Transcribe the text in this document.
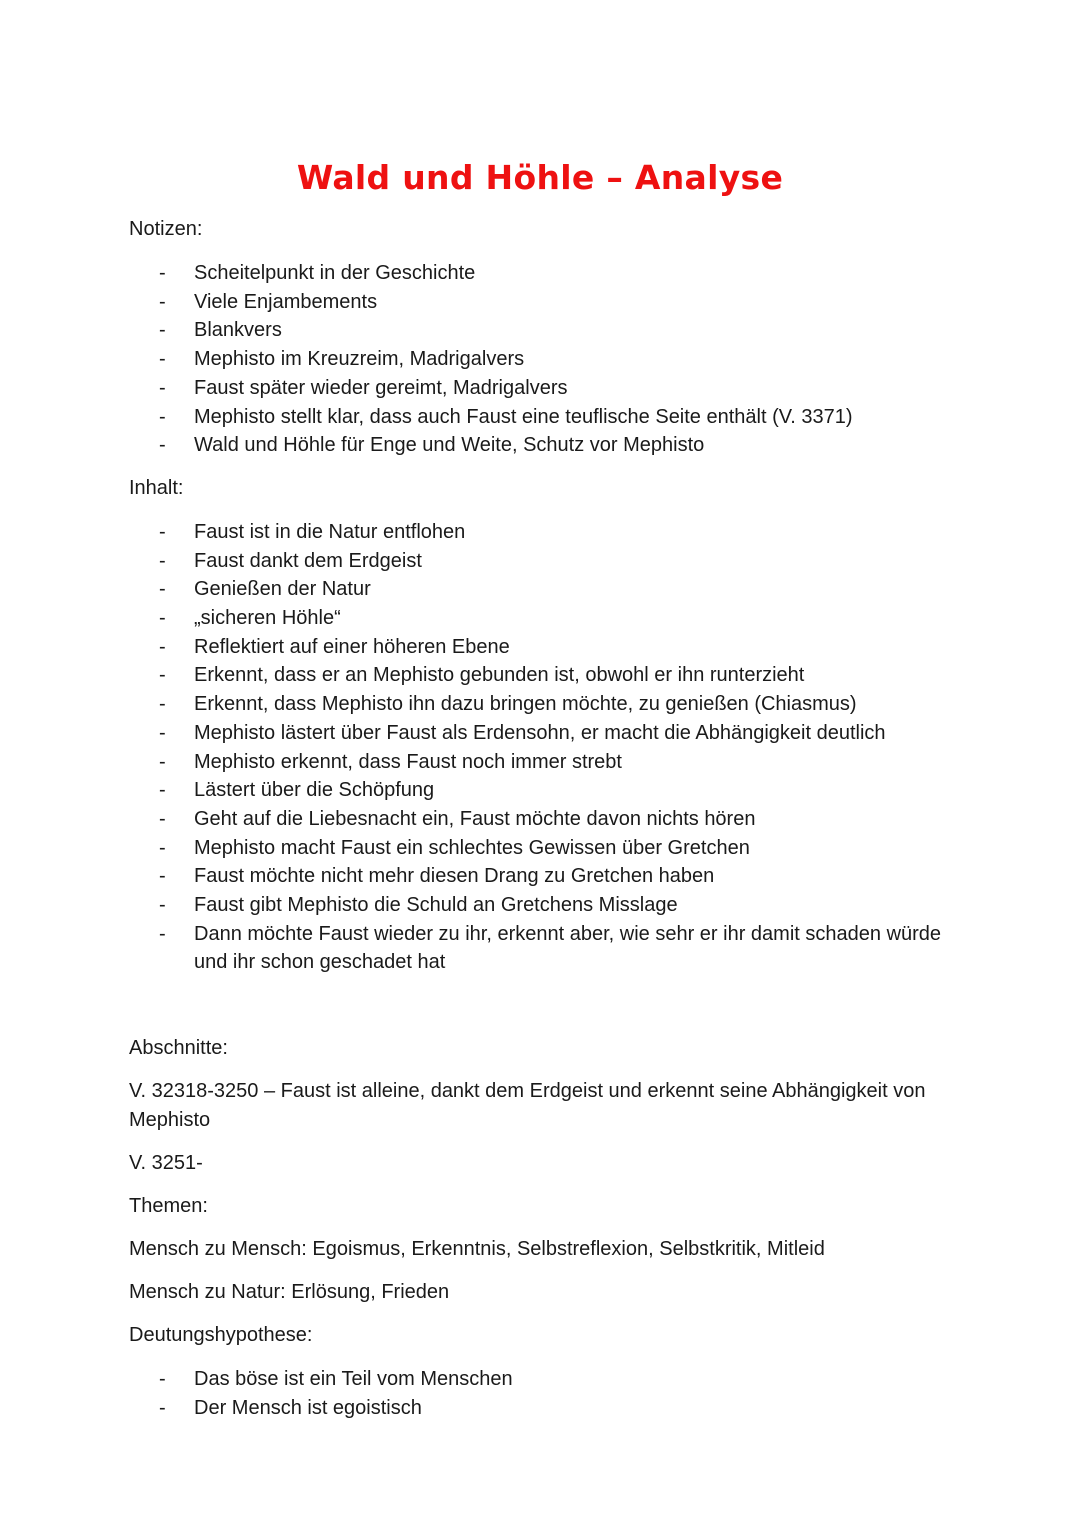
Wald und Höhle – Analyse

Notizen:

- Scheitelpunkt in der Geschichte
- Viele Enjambements
- Blankvers
- Mephisto im Kreuzreim, Madrigalvers
- Faust später wieder gereimt, Madrigalvers
- Mephisto stellt klar, dass auch Faust eine teuflische Seite enthält (V. 3371)
- Wald und Höhle für Enge und Weite, Schutz vor Mephisto

Inhalt:

- Faust ist in die Natur entflohen
- Faust dankt dem Erdgeist
- Genießen der Natur
- „sicheren Höhle“
- Reflektiert auf einer höheren Ebene
- Erkennt, dass er an Mephisto gebunden ist, obwohl er ihn runterzieht
- Erkennt, dass Mephisto ihn dazu bringen möchte, zu genießen (Chiasmus)
- Mephisto lästert über Faust als Erdensohn, er macht die Abhängigkeit deutlich
- Mephisto erkennt, dass Faust noch immer strebt
- Lästert über die Schöpfung
- Geht auf die Liebesnacht ein, Faust möchte davon nichts hören
- Mephisto macht Faust ein schlechtes Gewissen über Gretchen
- Faust möchte nicht mehr diesen Drang zu Gretchen haben
- Faust gibt Mephisto die Schuld an Gretchens Misslage
- Dann möchte Faust wieder zu ihr, erkennt aber, wie sehr er ihr damit schaden würde und ihr schon geschadet hat

Abschnitte:

V. 32318-3250 – Faust ist alleine, dankt dem Erdgeist und erkennt seine Abhängigkeit von Mephisto

V. 3251-

Themen:

Mensch zu Mensch: Egoismus, Erkenntnis, Selbstreflexion, Selbstkritik, Mitleid

Mensch zu Natur: Erlösung, Frieden

Deutungshypothese:

- Das böse ist ein Teil vom Menschen
- Der Mensch ist egoistisch
